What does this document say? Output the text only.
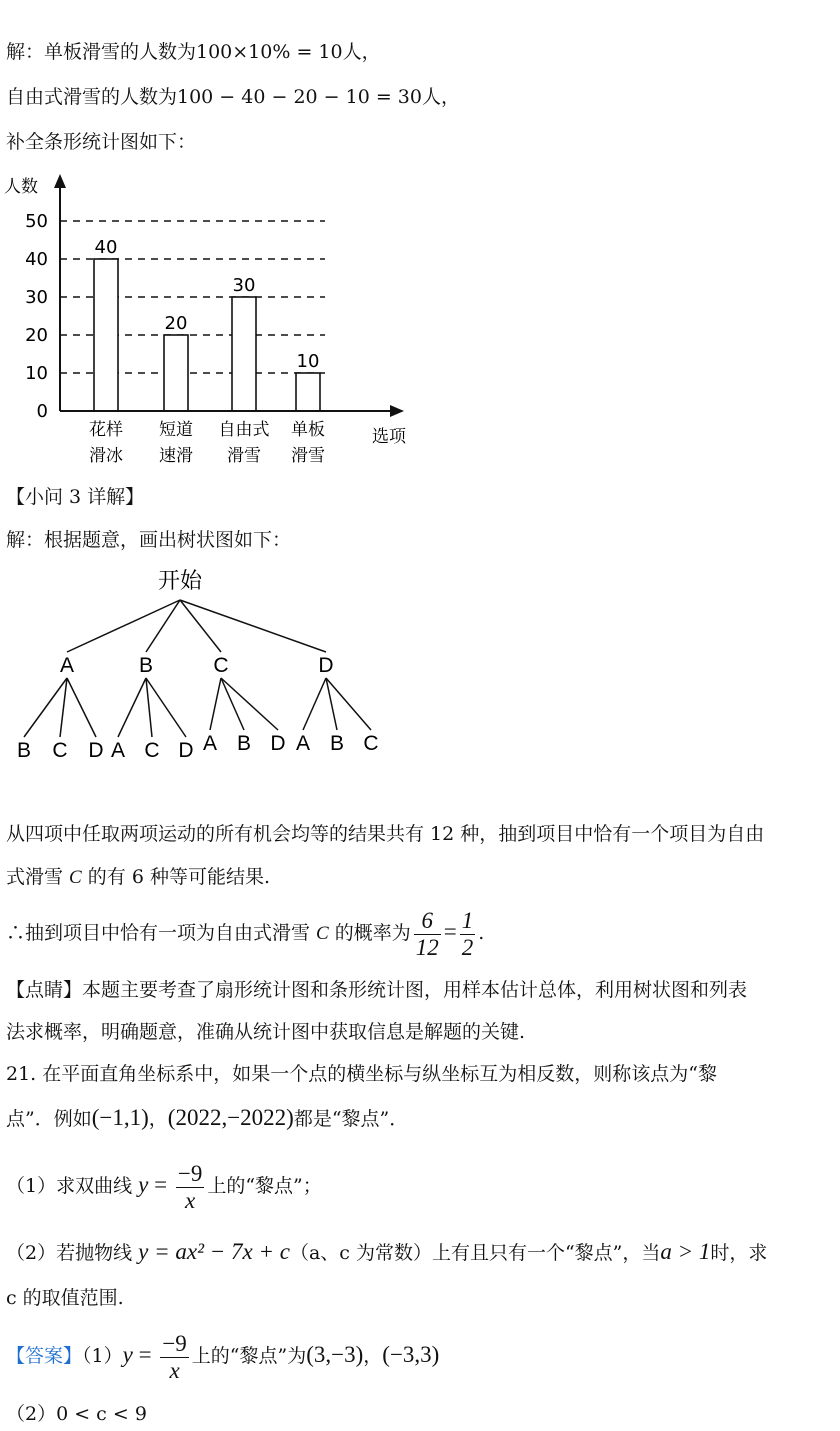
解：单板滑雪的人数为100×10% = 10人，
自由式滑雪的人数为100 − 40 − 20 − 10 = 30人，
补全条形统计图如下：
人数
选项
0
10
20
30
40
50
40
20
30
10
花样
滑冰
短道
速滑
自由式
滑雪
单板
滑雪
【小问 3 详解】
解：根据题意，画出树状图如下：
开始
A
B C D
B
A C D
C
A B D
D
A B C
从四项中任取两项运动的所有机会均等的结果共有 12 种，抽到项目中恰有一个项目为自由
式滑雪 C 的有 6 种等可能结果.
∴抽到项目中恰有一项为自由式滑雪 C 的概率为 $\frac{6}{12} = \frac{1}{2}$ .
【点睛】本题主要考查了扇形统计图和条形统计图，用样本估计总体，利用树状图和列表
法求概率，明确题意，准确从统计图中获取信息是解题的关键.
21. 在平面直角坐标系中，如果一个点的横坐标与纵坐标互为相反数，则称该点为“黎
点”．例如(−1,1)，(2022,−2022)都是“黎点”．
（1）求双曲线 $y = \frac{-9}{x}$ 上的“黎点”；
（2）若抛物线 y = ax² − 7x + c（a、c 为常数）上有且只有一个“黎点”，当a > 1时，求
c 的取值范围.
【答案】$(1)y = \frac{-9}{x}$ 上的“黎点”为(3,−3)，(−3,3)
（2）0 < c < 9
